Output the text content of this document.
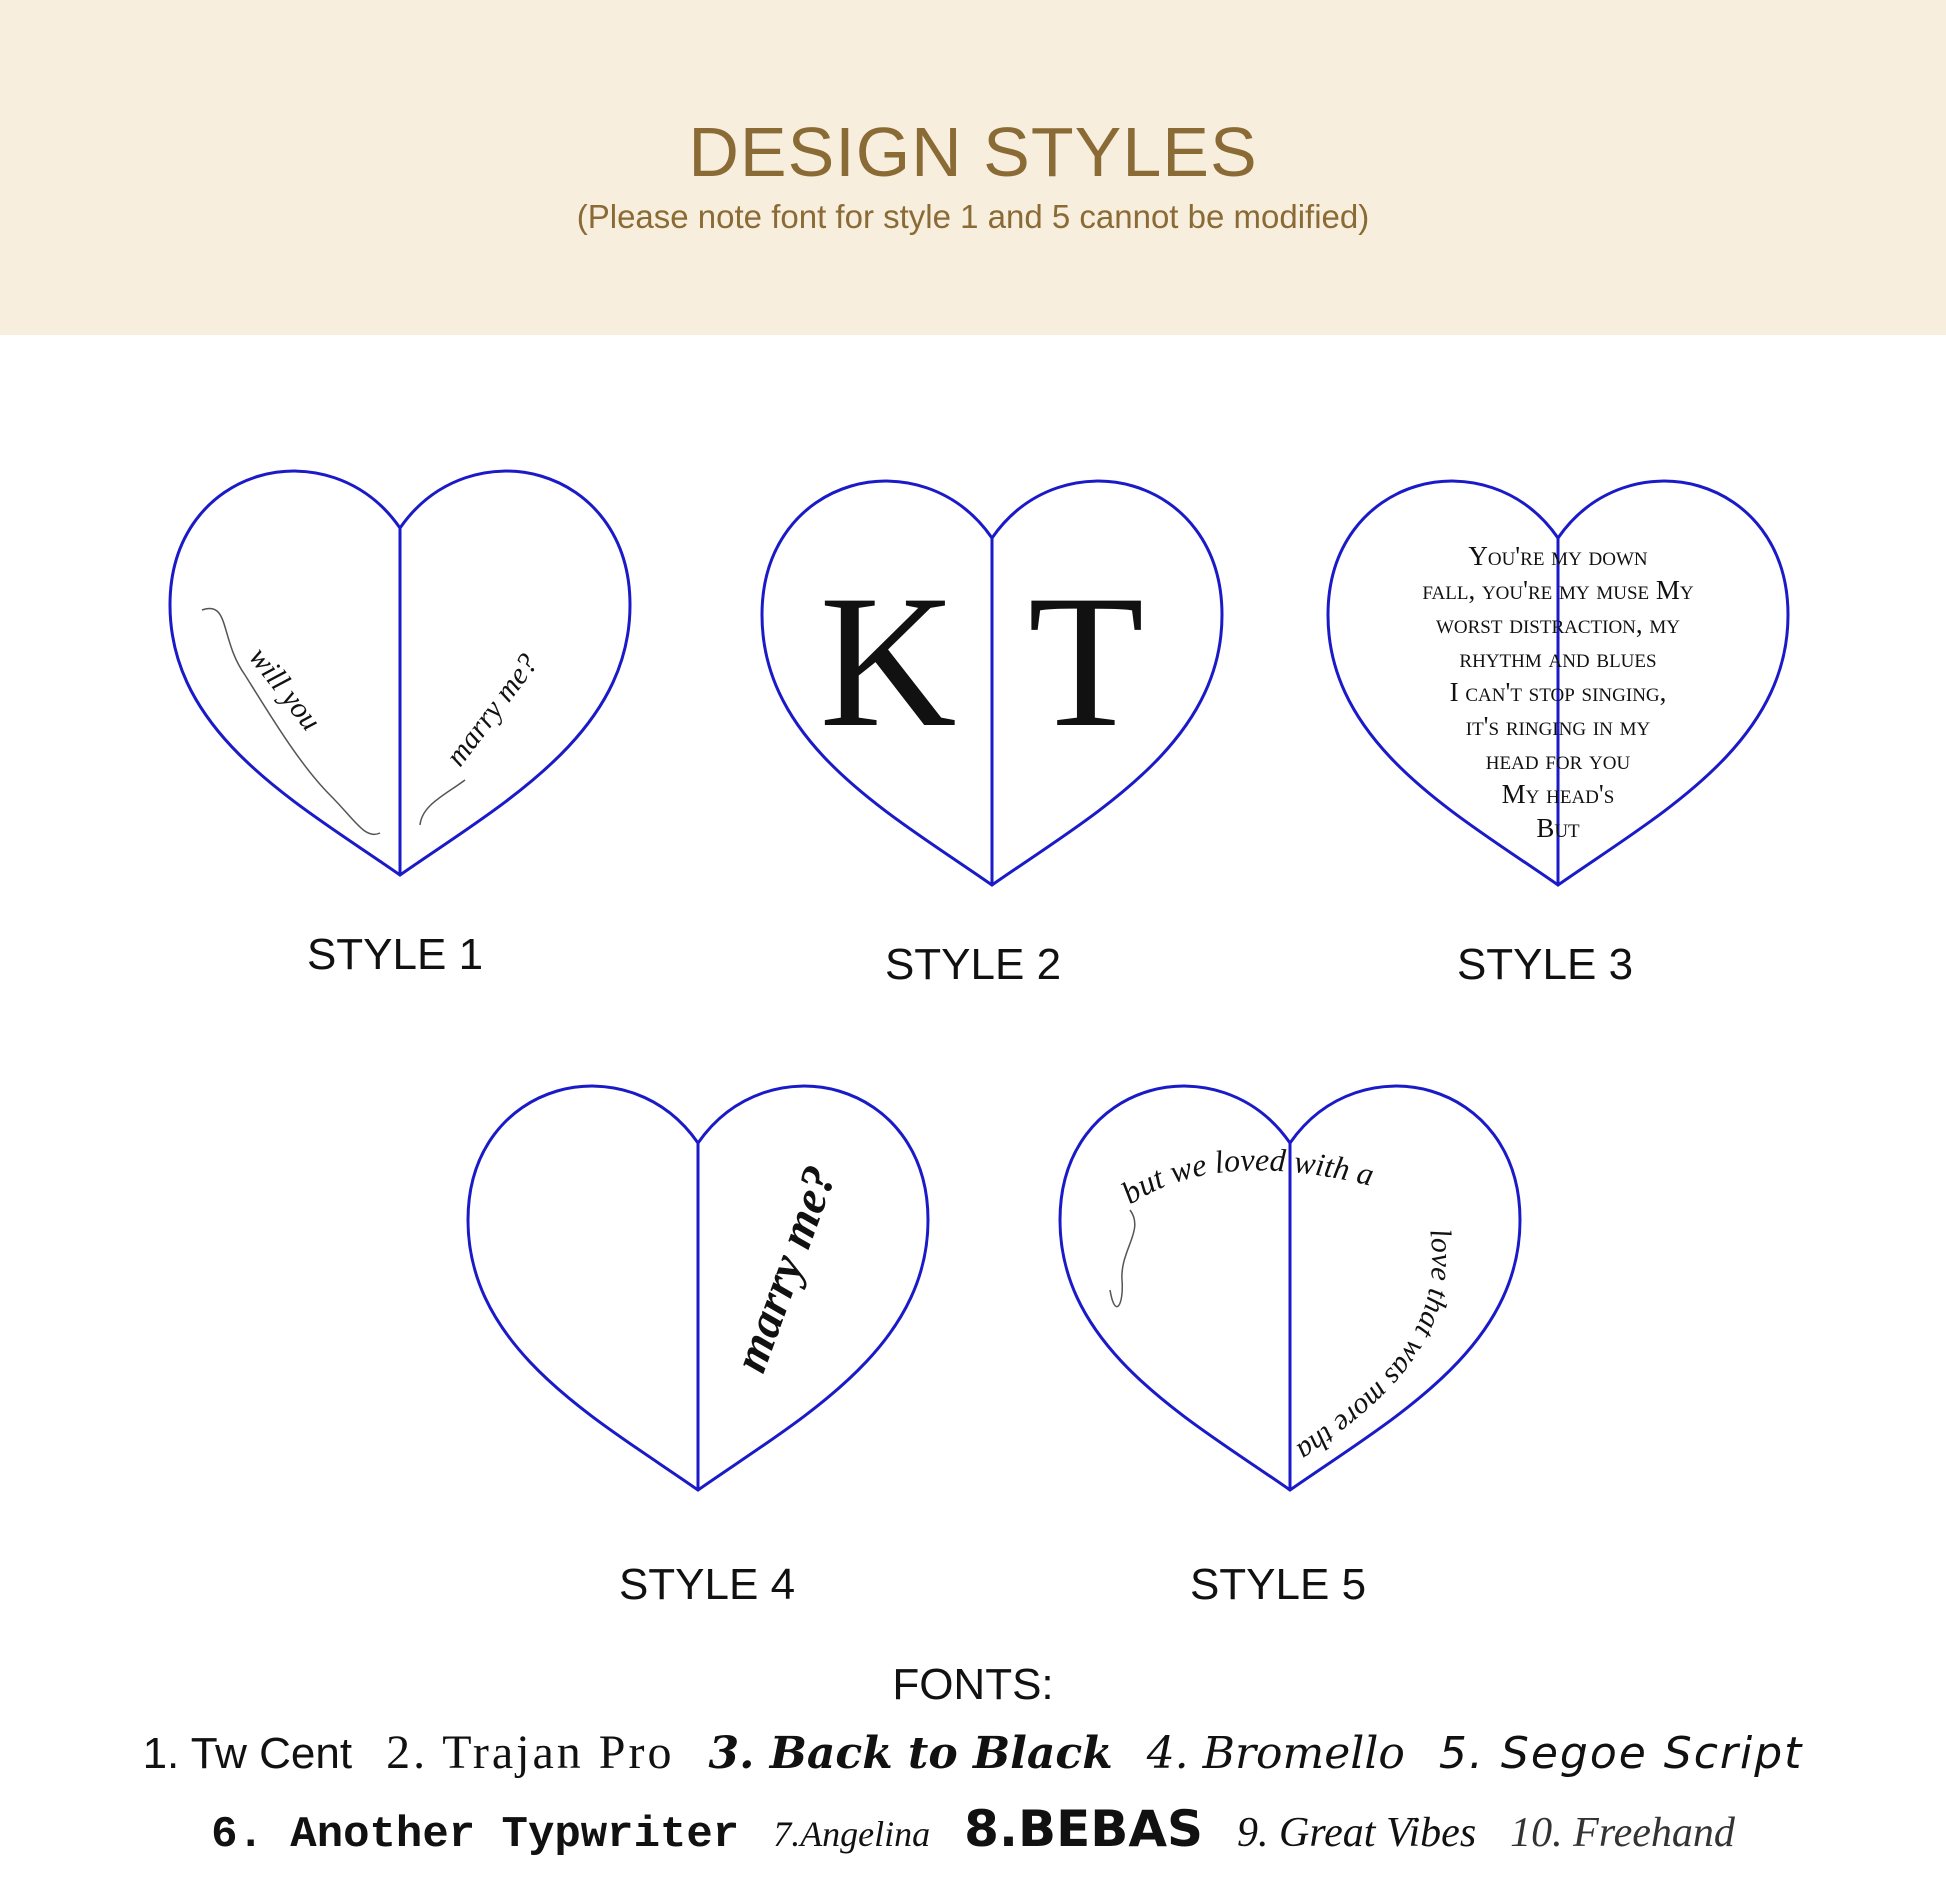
DESIGN STYLES
(Please note font for style 1 and 5 cannot be modified)
will you	marry me?
STYLE 1
K T
STYLE 2
You're my down
fall, you're my muse My
worst distraction, my
rhythm and blues
I can't stop singing,
it's ringing in my
head for you
My head's
But
STYLE 3
marry me?
STYLE 4
but we loved with a
love that was more than love
STYLE 5
FONTS:
1. Tw Cent 2. Trajan Pro 3. Back to Black 4. Bromello 5. Segoe Script
6. Another Typwriter 7.Angelina 8.BEBAS 9. Great Vibes 10. Freehand
